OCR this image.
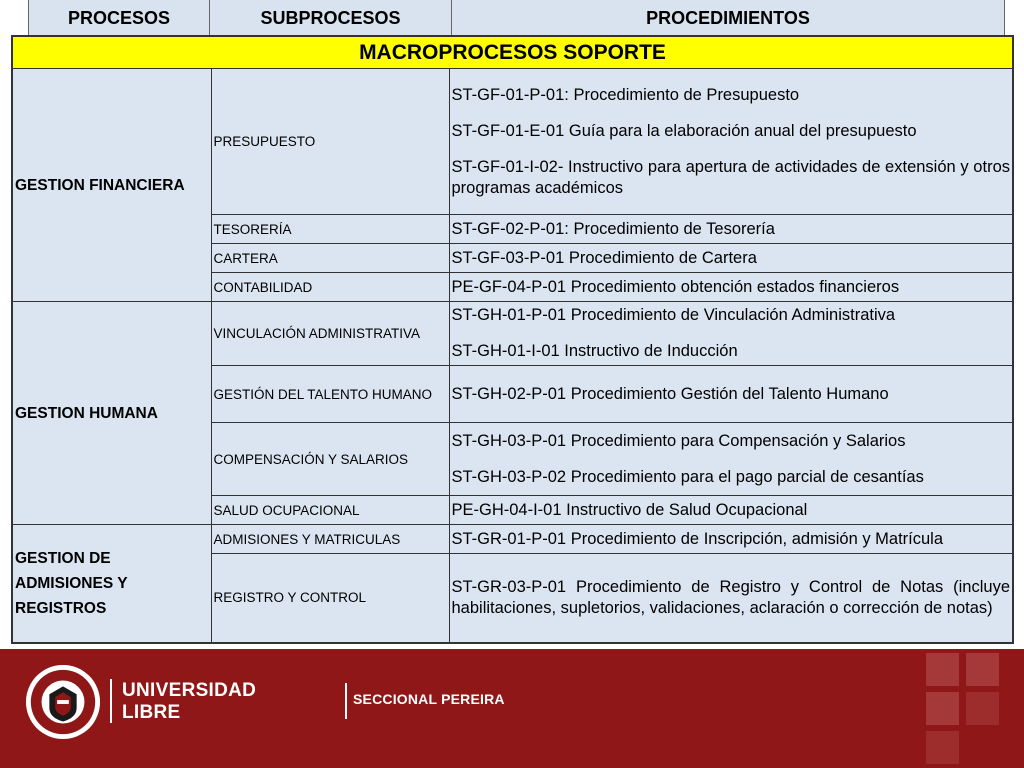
PROCESOS	SUBPROCESOS	PROCEDIMIENTOS
MACROPROCESOS SOPORTE		
GESTION FINANCIERA	PRESUPUESTO	ST-GF-01-P-01: Procedimiento de Presupuesto

ST-GF-01-E-01 Guía para la elaboración anual del presupuesto

ST-GF-01-I-02- Instructivo para apertura de actividades de extensión y otros programas académicos

	TESORERÍA	ST-GF-02-P-01: Procedimiento de Tesorería
	CARTERA	ST-GF-03-P-01 Procedimiento de Cartera
	CONTABILIDAD	PE-GF-04-P-01 Procedimiento obtención estados financieros
GESTION HUMANA	VINCULACIÓN ADMINISTRATIVA	ST-GH-01-P-01 Procedimiento de Vinculación Administrativa

ST-GH-01-I-01 Instructivo de Inducción

	GESTIÓN DEL TALENTO HUMANO	ST-GH-02-P-01 Procedimiento Gestión del Talento Humano
	COMPENSACIÓN Y SALARIOS	ST-GH-03-P-01 Procedimiento para Compensación y Salarios

ST-GH-03-P-02 Procedimiento para el pago parcial de cesantías

	SALUD OCUPACIONAL	PE-GH-04-I-01 Instructivo de Salud Ocupacional
GESTION DE ADMISIONES Y REGISTROS	ADMISIONES Y MATRICULAS	ST-GR-01-P-01 Procedimiento de Inscripción, admisión y Matrícula
	REGISTRO Y CONTROL	ST-GR-03-P-01 Procedimiento de Registro y Control de Notas (incluye habilitaciones, supletorios, validaciones, aclaración o corrección de notas)
UNIVERSIDAD
LIBRE
SECCIONAL PEREIRA
